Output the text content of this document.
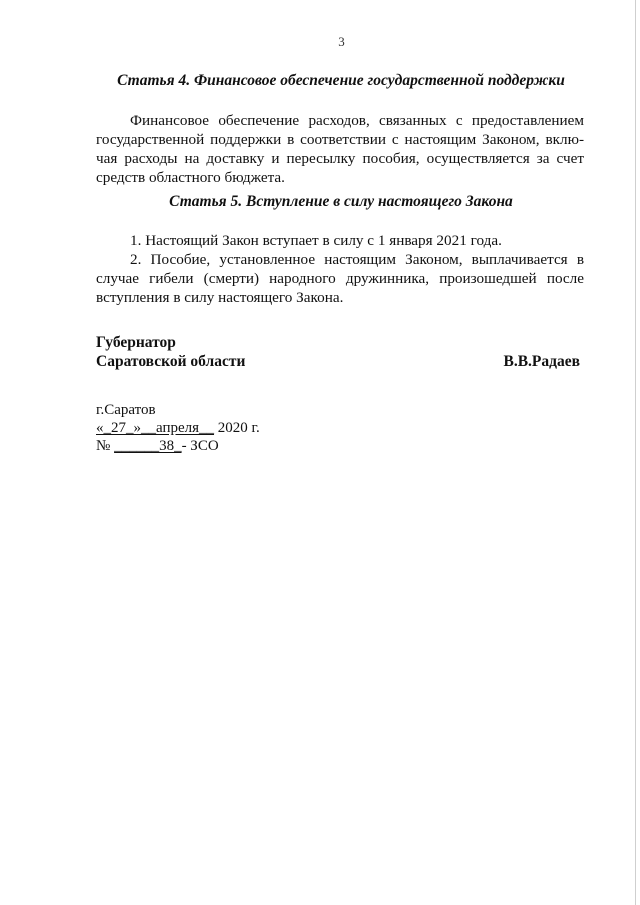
3
Статья 4. Финансовое обеспечение государственной поддержки
Финансовое обеспечение расходов, связанных с предоставлением
государственной поддержки в соответствии с настоящим Законом, вклю-
чая расходы на доставку и пересылку пособия, осуществляется за счет
средств областного бюджета.
Статья 5. Вступление в силу настоящего Закона
1. Настоящий Закон вступает в силу с 1 января 2021 года.
2. Пособие, установленное настоящим Законом, выплачивается в
случае гибели (смерти) народного дружинника, произошедшей после
вступления в силу настоящего Закона.
Губернатор
Саратовской области	В.В.Радаев
г.Саратов
«_27_»__апреля__ 2020 г.
№ ______38_- ЗСО
